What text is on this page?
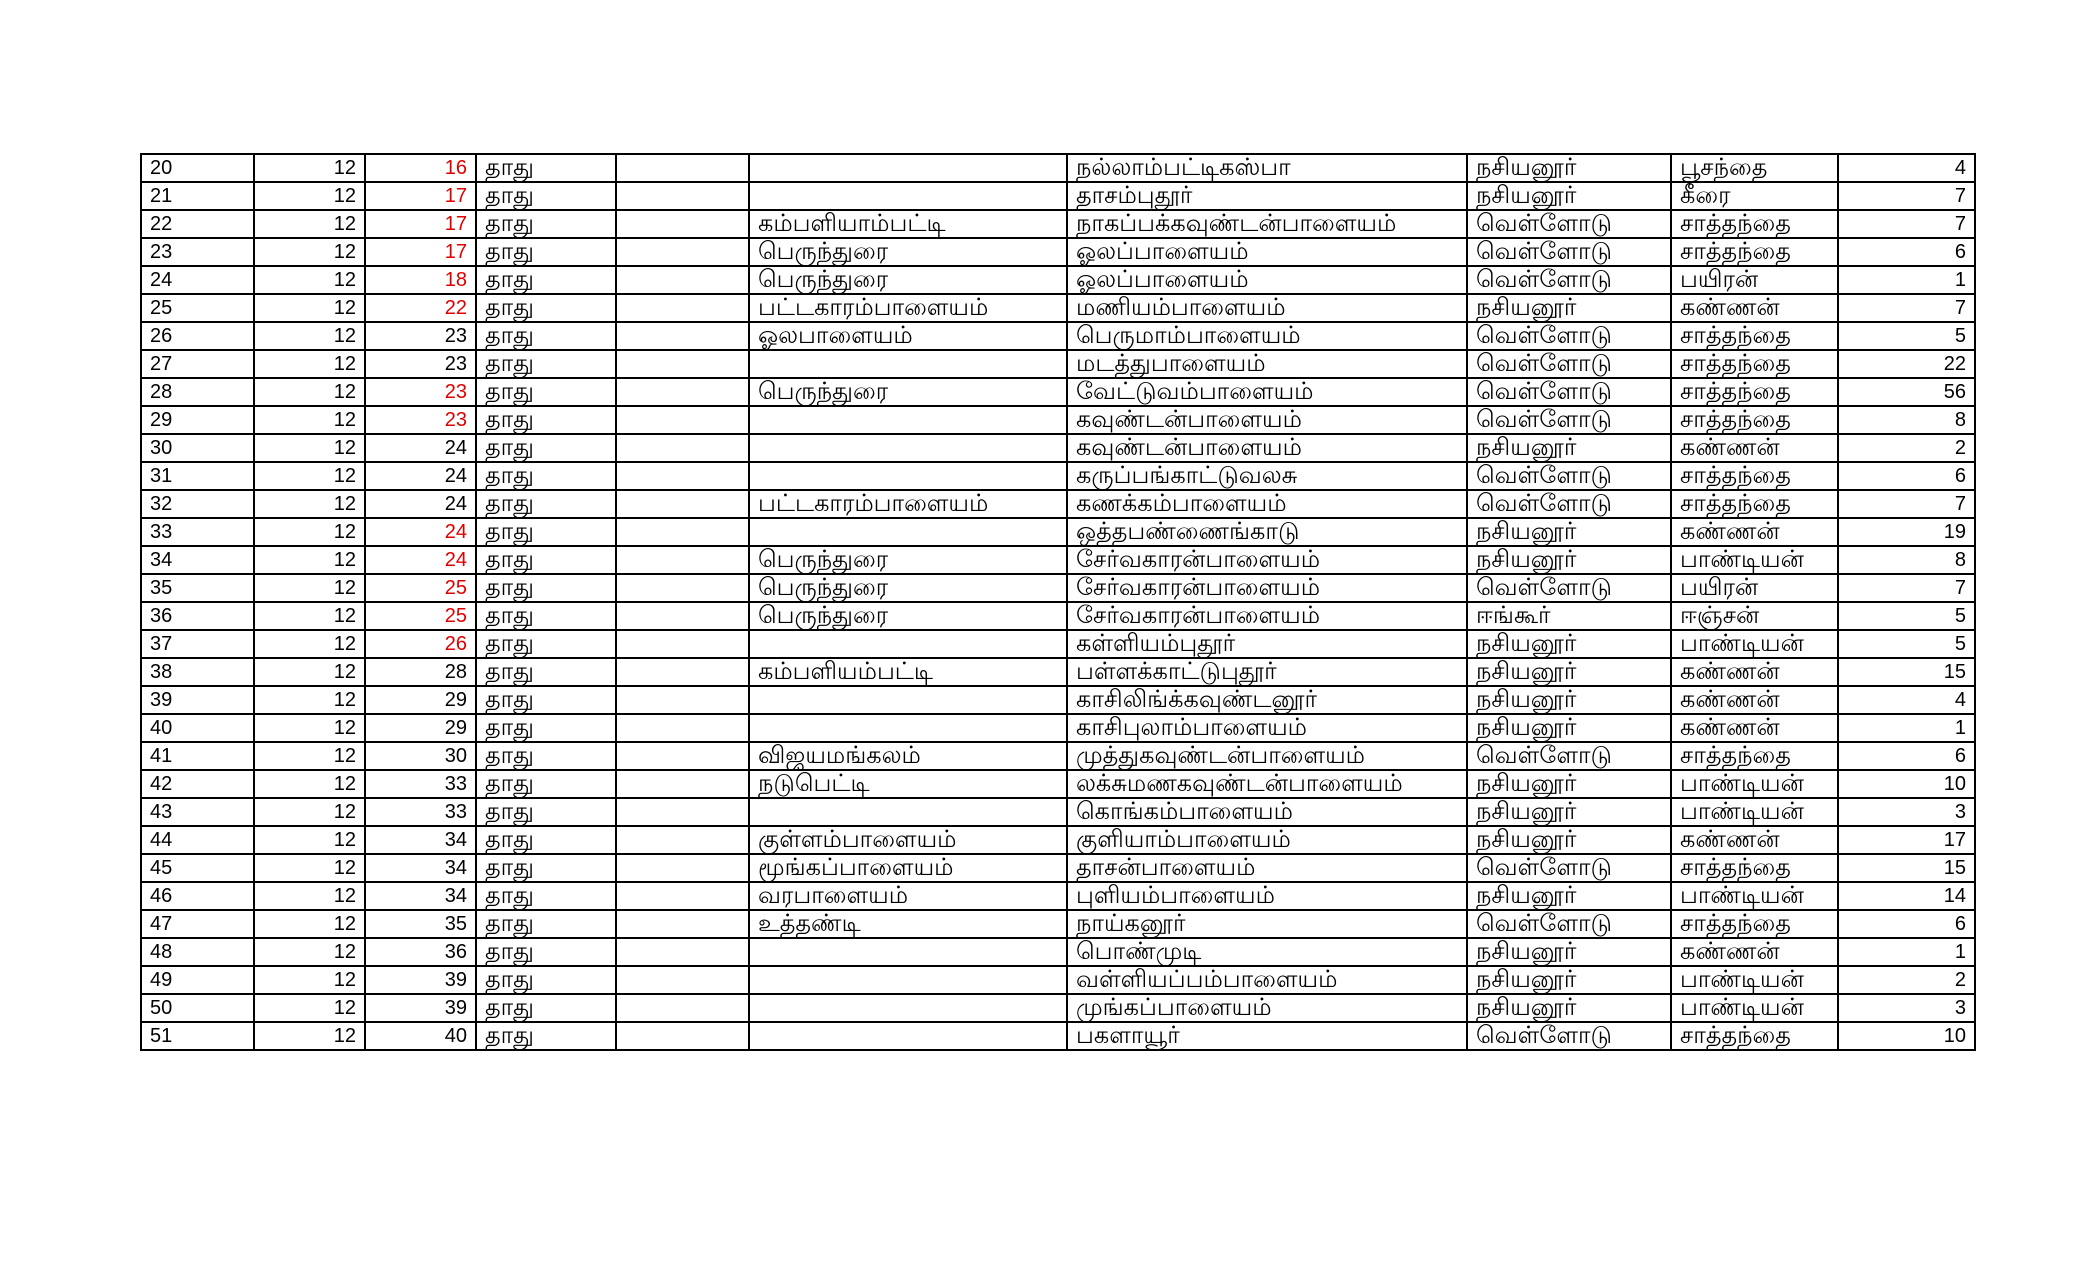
20	12	16	தாது			நல்லாம்பட்டிகஸ்பா	நசியனூர்	பூசந்தை	4
21	12	17	தாது			தாசம்புதூர்	நசியனூர்	கீரை	7
22	12	17	தாது		கம்பளியாம்பட்டி	நாகப்பக்கவுண்டன்பாளையம்	வெள்ளோடு	சாத்தந்தை	7
23	12	17	தாது		பெருந்துரை	ஓலப்பாளையம்	வெள்ளோடு	சாத்தந்தை	6
24	12	18	தாது		பெருந்துரை	ஓலப்பாளையம்	வெள்ளோடு	பயிரன்	1
25	12	22	தாது		பட்டகாரம்பாளையம்	மணியம்பாளையம்	நசியனூர்	கண்ணன்	7
26	12	23	தாது		ஓலபாளையம்	பெருமாம்பாளையம்	வெள்ளோடு	சாத்தந்தை	5
27	12	23	தாது			மடத்துபாளையம்	வெள்ளோடு	சாத்தந்தை	22
28	12	23	தாது		பெருந்துரை	வேட்டுவம்பாளையம்	வெள்ளோடு	சாத்தந்தை	56
29	12	23	தாது			கவுண்டன்பாளையம்	வெள்ளோடு	சாத்தந்தை	8
30	12	24	தாது			கவுண்டன்பாளையம்	நசியனூர்	கண்ணன்	2
31	12	24	தாது			கருப்பங்காட்டுவலசு	வெள்ளோடு	சாத்தந்தை	6
32	12	24	தாது		பட்டகாரம்பாளையம்	கணக்கம்பாளையம்	வெள்ளோடு	சாத்தந்தை	7
33	12	24	தாது			ஒத்தபண்ணைங்காடு	நசியனூர்	கண்ணன்	19
34	12	24	தாது		பெருந்துரை	சேர்வகாரன்பாளையம்	நசியனூர்	பாண்டியன்	8
35	12	25	தாது		பெருந்துரை	சேர்வகாரன்பாளையம்	வெள்ளோடு	பயிரன்	7
36	12	25	தாது		பெருந்துரை	சேர்வகாரன்பாளையம்	ஈங்கூர்	ஈஞ்சன்	5
37	12	26	தாது			கள்ளியம்புதூர்	நசியனூர்	பாண்டியன்	5
38	12	28	தாது		கம்பளியம்பட்டி	பள்ளக்காட்டுபுதூர்	நசியனூர்	கண்ணன்	15
39	12	29	தாது			காசிலிங்க்கவுண்டனூர்	நசியனூர்	கண்ணன்	4
40	12	29	தாது			காசிபுலாம்பாளையம்	நசியனூர்	கண்ணன்	1
41	12	30	தாது		விஜயமங்கலம்	முத்துகவுண்டன்பாளையம்	வெள்ளோடு	சாத்தந்தை	6
42	12	33	தாது		நடுபெட்டி	லக்சுமணகவுண்டன்பாளையம்	நசியனூர்	பாண்டியன்	10
43	12	33	தாது			கொங்கம்பாளையம்	நசியனூர்	பாண்டியன்	3
44	12	34	தாது		குள்ளம்பாளையம்	குளியாம்பாளையம்	நசியனூர்	கண்ணன்	17
45	12	34	தாது		மூங்கப்பாளையம்	தாசன்பாளையம்	வெள்ளோடு	சாத்தந்தை	15
46	12	34	தாது		வரபாளையம்	புளியம்பாளையம்	நசியனூர்	பாண்டியன்	14
47	12	35	தாது		உத்தண்டி	நாய்கனூர்	வெள்ளோடு	சாத்தந்தை	6
48	12	36	தாது			பொண்முடி	நசியனூர்	கண்ணன்	1
49	12	39	தாது			வள்ளியப்பம்பாளையம்	நசியனூர்	பாண்டியன்	2
50	12	39	தாது			முங்கப்பாளையம்	நசியனூர்	பாண்டியன்	3
51	12	40	தாது			பகளாயூர்	வெள்ளோடு	சாத்தந்தை	10
